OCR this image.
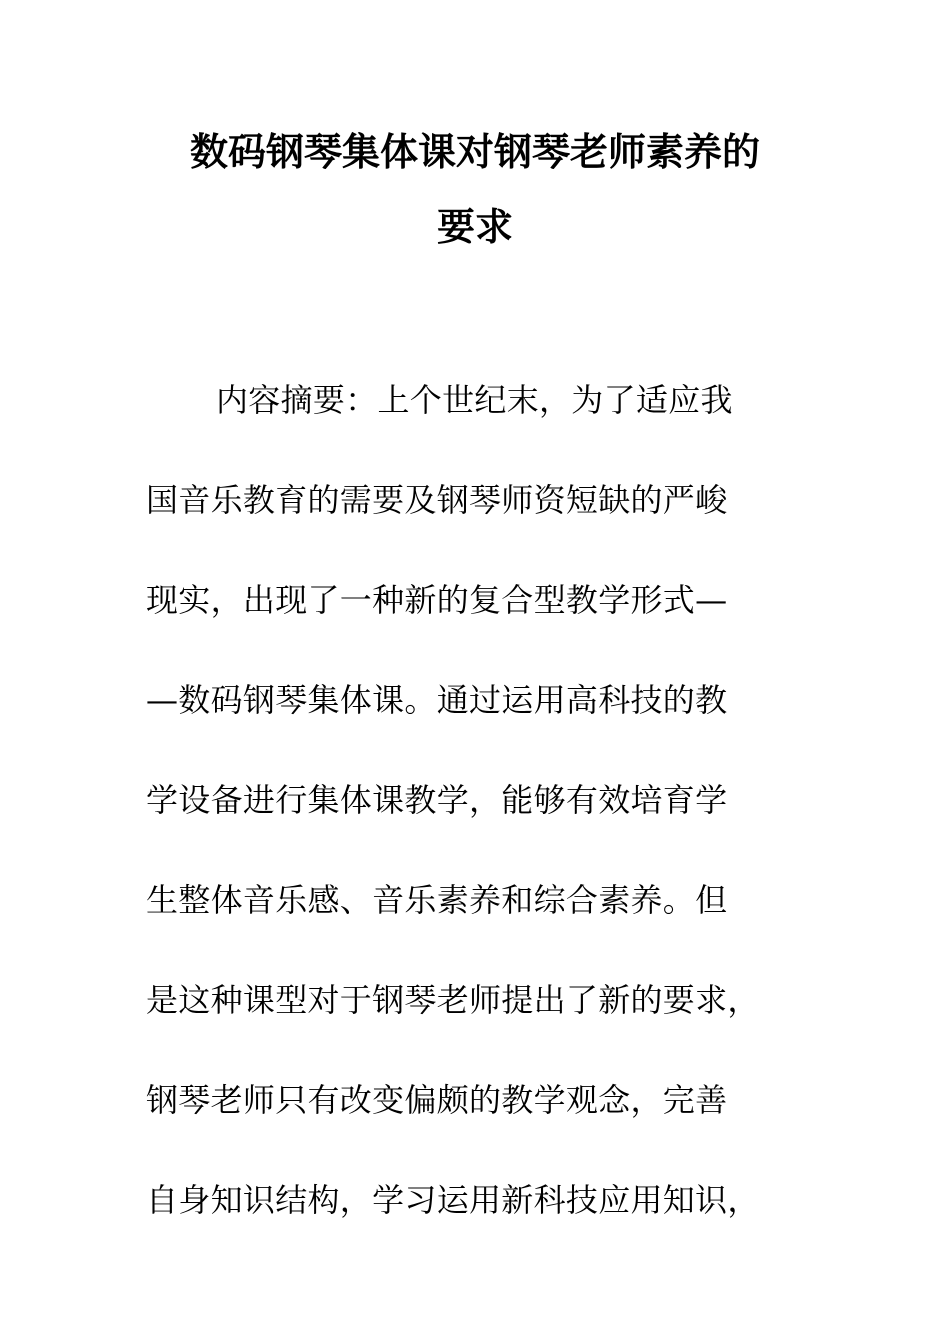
数码钢琴集体课对钢琴老师素养的
要求
内容摘要：上个世纪末，为了适应我
国音乐教育的需要及钢琴师资短缺的严峻
现实，出现了一种新的复合型教学形式—
—数码钢琴集体课。通过运用高科技的教
学设备进行集体课教学，能够有效培育学
生整体音乐感、音乐素养和综合素养。但
是这种课型对于钢琴老师提出了新的要求，
钢琴老师只有改变偏颇的教学观念，完善
自身知识结构，学习运用新科技应用知识，
